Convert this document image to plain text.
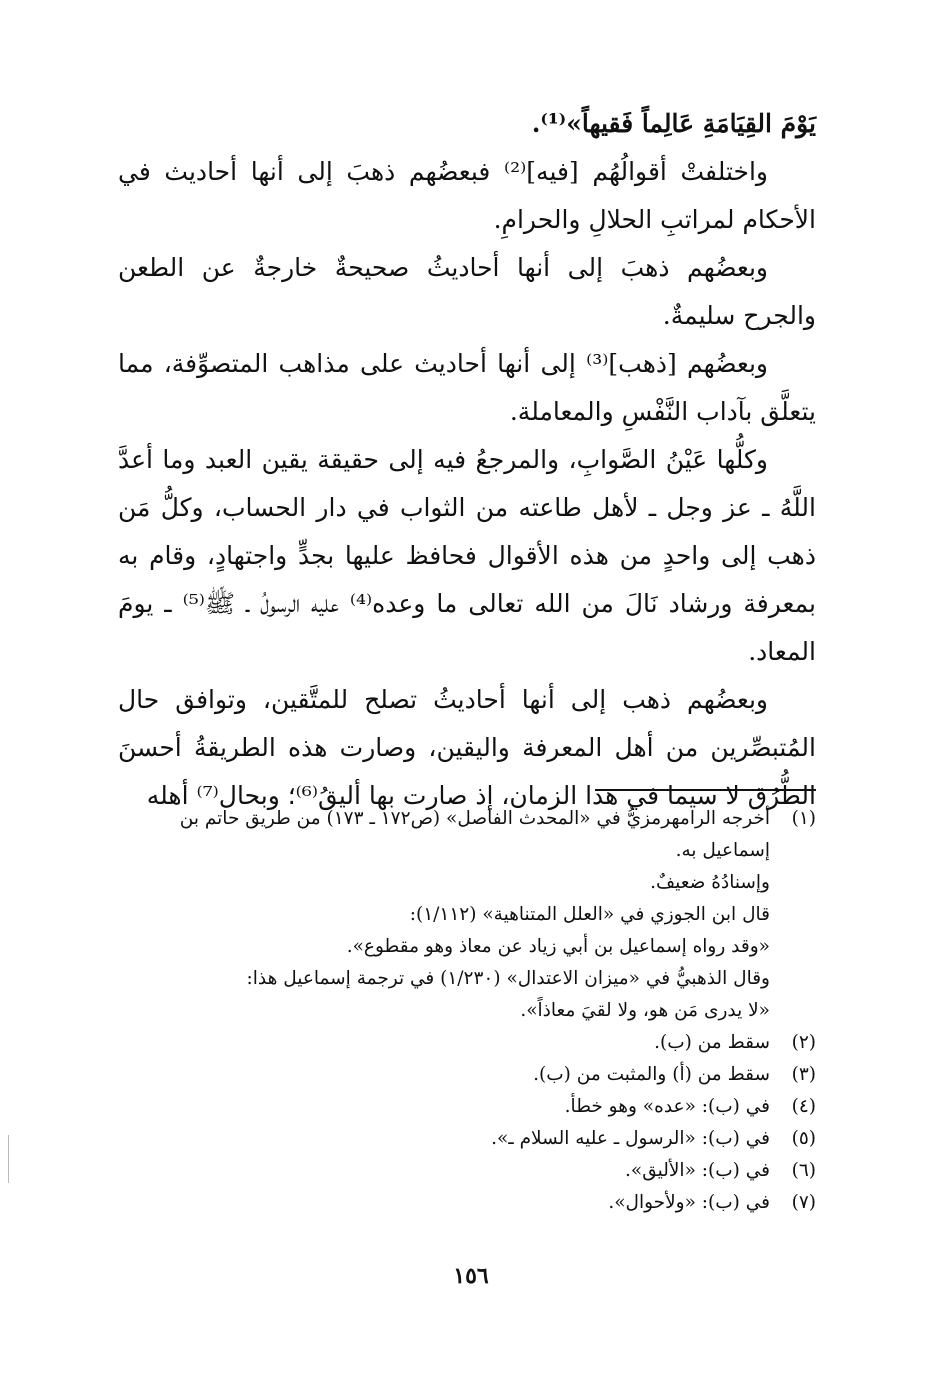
يَوْمَ القِيَامَةِ عَالِماً فَقيهاً»⁽¹⁾.

واختلفتْ أقوالُهُم [فيه]⁽²⁾ فبعضُهم ذهبَ إلى أنها أحاديث في الأحكام لمراتبِ الحلالِ والحرامِ.

وبعضُهم ذهبَ إلى أنها أحاديثُ صحيحةٌ خارجةٌ عن الطعن والجرح سليمةٌ.

وبعضُهم [ذهب]⁽³⁾ إلى أنها أحاديث على مذاهب المتصوِّفة، مما يتعلَّق بآداب النَّفْسِ والمعاملة.

وكلُّها عَيْنُ الصَّوابِ، والمرجعُ فيه إلى حقيقة يقين العبد وما أعدَّ اللَّهُ ـ عز وجل ـ لأهل طاعته من الثواب في دار الحساب، وكلُّ مَن ذهب إلى واحدٍ من هذه الأقوال فحافظ عليها بجدٍّ واجتهادٍ، وقام به بمعرفة ورشاد نَالَ من الله تعالى ما وعده⁽⁴⁾ عليه الرسولُ ـ ﷺ⁽⁵⁾ ـ يومَ المعاد.

وبعضُهم ذهب إلى أنها أحاديثُ تصلح للمتَّقين، وتوافق حال المُتبصِّرين من أهل المعرفة واليقين، وصارت هذه الطريقةُ أحسنَ الطُّرُق لا سيما في هذا الزمان، إذ صارت بها أليقُ⁽⁶⁾؛ وبحال⁽⁷⁾ أهله

(١)
أخرجه الرامهرمزيُّ في «المحدث الفاصل» (ص١٧٢ ـ ١٧٣) من طريق حاتم بن
إسماعيل به.
وإسنادُهُ ضعيفٌ.
قال ابن الجوزي في «العلل المتناهية» (١/١١٢):
«وقد رواه إسماعيل بن أبي زياد عن معاذ وهو مقطوع».
وقال الذهبيُّ في «ميزان الاعتدال» (١/٢٣٠) في ترجمة إسماعيل هذا:
«لا يدرى مَن هو، ولا لقيَ معاذاً».
(٢)
سقط من (ب).
(٣)
سقط من (أ) والمثبت من (ب).
(٤)
في (ب): «عده» وهو خطأ.
(٥)
في (ب): «الرسول ـ عليه السلام ـ».
(٦)
في (ب): «الأليق».
(٧)
في (ب): «ولأحوال».
١٥٦
